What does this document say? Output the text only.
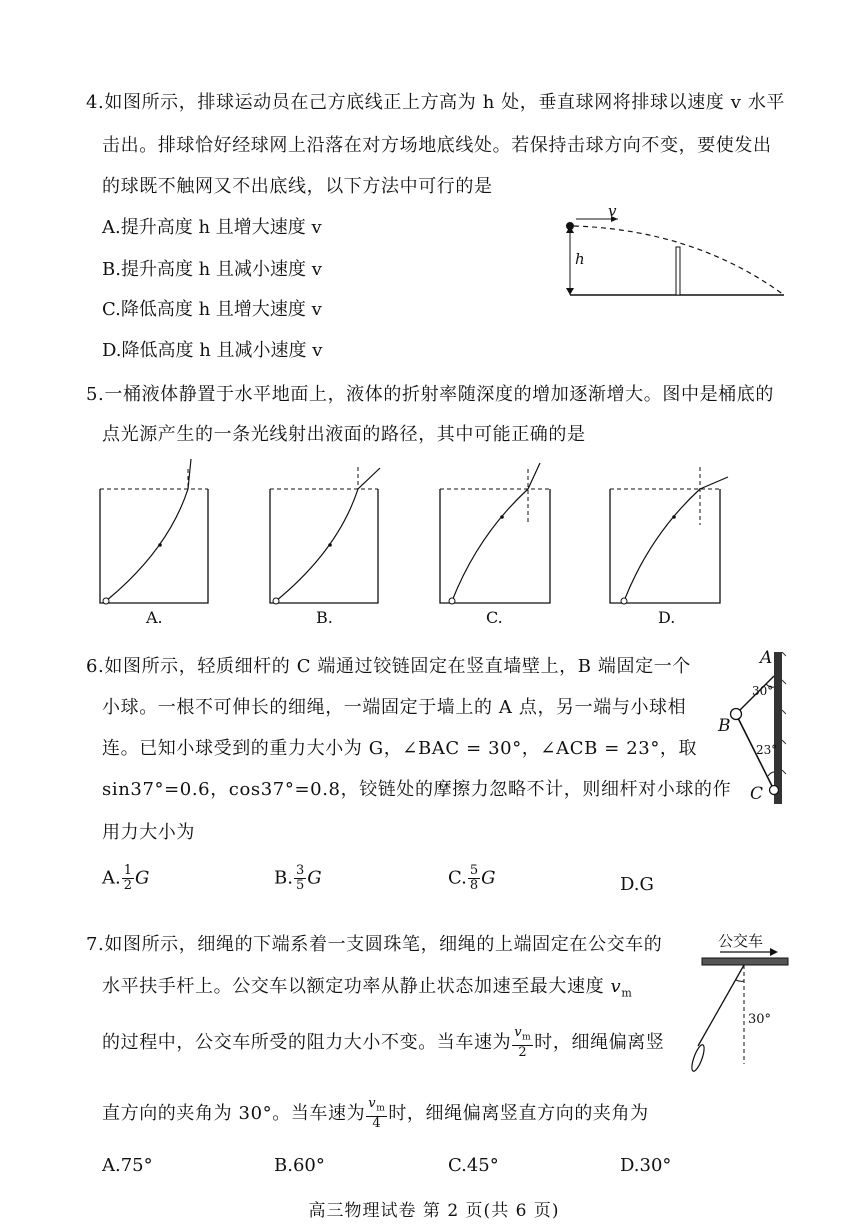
4.如图所示，排球运动员在己方底线正上方高为 h 处，垂直球网将排球以速度 v 水平
击出。排球恰好经球网上沿落在对方场地底线处。若保持击球方向不变，要使发出
的球既不触网又不出底线，以下方法中可行的是
A.提升高度 h 且增大速度 v
B.提升高度 h 且减小速度 v
C.降低高度 h 且增大速度 v
D.降低高度 h 且减小速度 v
v
h
5.一桶液体静置于水平地面上，液体的折射率随深度的增加逐渐增大。图中是桶底的
点光源产生的一条光线射出液面的路径，其中可能正确的是
A.	B.	C.	D.
6.如图所示，轻质细杆的 C 端通过铰链固定在竖直墙壁上，B 端固定一个
小球。一根不可伸长的细绳，一端固定于墙上的 A 点，另一端与小球相
连。已知小球受到的重力大小为 G，∠BAC = 30°，∠ACB = 23°，取
sin37°=0.6，cos37°=0.8，铰链处的摩擦力忽略不计，则细杆对小球的作
用力大小为
A. $\frac{1}{2}$ G	B. $\frac{3}{5}$ G	C. $\frac{5}{8}$ G	D.G
A
B
C
30°
23°
7.如图所示，细绳的下端系着一支圆珠笔，细绳的上端固定在公交车的
水平扶手杆上。公交车以额定功率从静止状态加速至最大速度 $v_m$
的过程中，公交车所受的阻力大小不变。当车速为 $\frac{v_m}{2}$ 时，细绳偏离竖
直方向的夹角为 30°。当车速为 $\frac{v_m}{4}$ 时，细绳偏离竖直方向的夹角为
A.75°	B.60°	C.45°	D.30°
公交车
30°
高三物理试卷 第 2 页(共 6 页)
